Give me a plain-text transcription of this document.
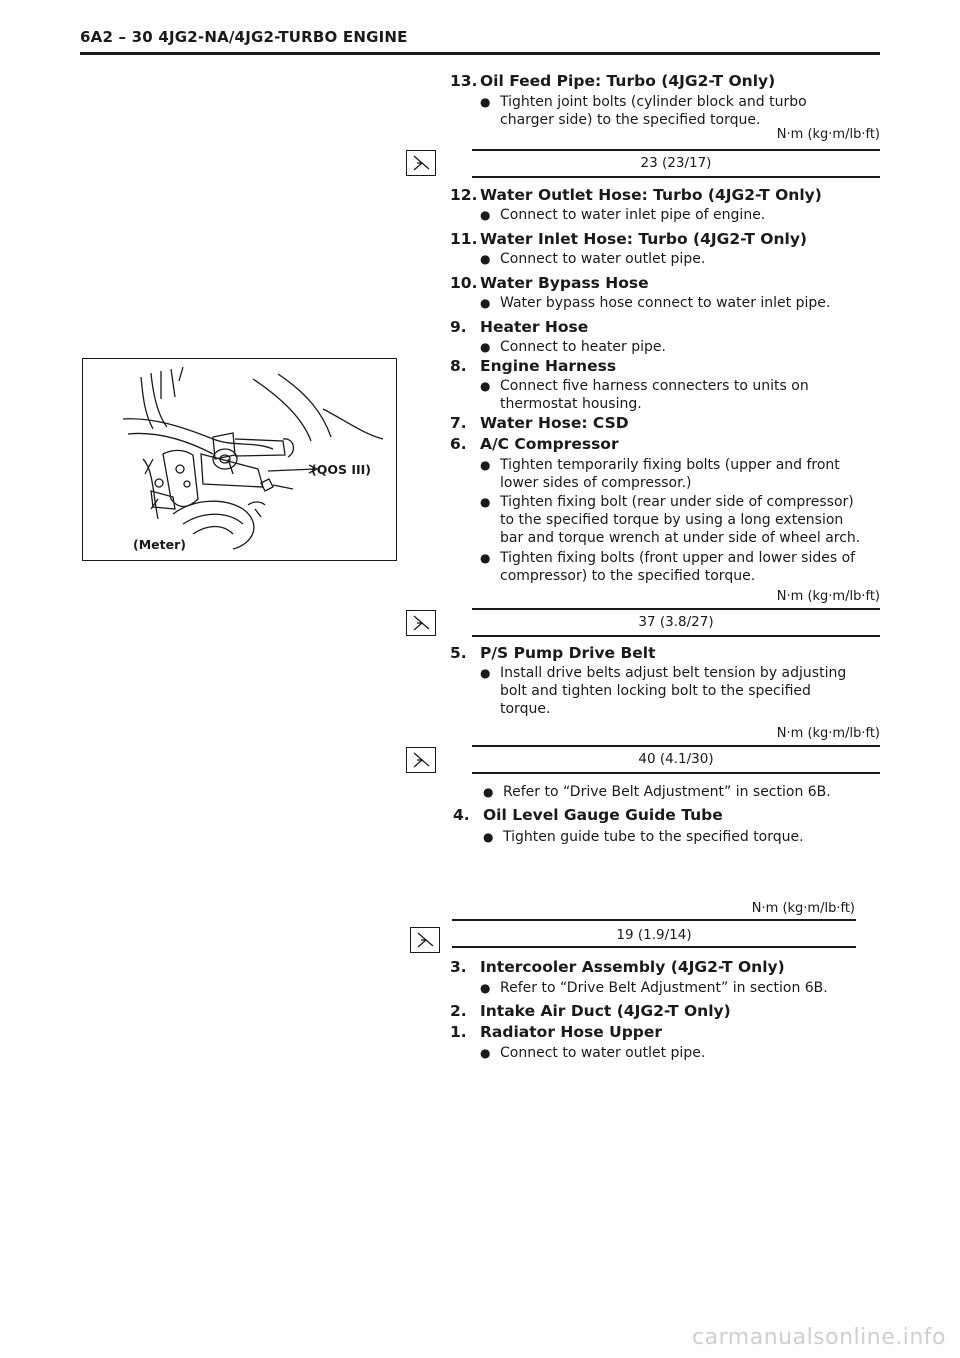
6A2 – 30 4JG2-NA/4JG2-TURBO ENGINE
(QOS III)
(Meter)
13. Oil Feed Pipe: Turbo (4JG2-T Only)
● Tighten joint bolts (cylinder block and turbo
charger side) to the specified torque.
N·m (kg·m/lb·ft)
23 (23/17)
12. Water Outlet Hose: Turbo (4JG2-T Only)
● Connect to water inlet pipe of engine.
11. Water Inlet Hose: Turbo (4JG2-T Only)
● Connect to water outlet pipe.
10. Water Bypass Hose
● Water bypass hose connect to water inlet pipe.
9. Heater Hose
● Connect to heater pipe.
8. Engine Harness
● Connect five harness connecters to units on
thermostat housing.
7. Water Hose: CSD
6. A/C Compressor
● Tighten temporarily fixing bolts (upper and front
lower sides of compressor.)
● Tighten fixing bolt (rear under side of compressor)
to the specified torque by using a long extension
bar and torque wrench at under side of wheel arch.
● Tighten fixing bolts (front upper and lower sides of
compressor) to the specified torque.
N·m (kg·m/lb·ft)
37 (3.8/27)
5. P/S Pump Drive Belt
● Install drive belts adjust belt tension by adjusting
bolt and tighten locking bolt to the specified
torque.
N·m (kg·m/lb·ft)
40 (4.1/30)
● Refer to “Drive Belt Adjustment” in section 6B.
4. Oil Level Gauge Guide Tube
● Tighten guide tube to the specified torque.
N·m (kg·m/lb·ft)
19 (1.9/14)
3. Intercooler Assembly (4JG2-T Only)
● Refer to “Drive Belt Adjustment” in section 6B.
2. Intake Air Duct (4JG2-T Only)
1. Radiator Hose Upper
● Connect to water outlet pipe.
carmanualsonline.info
